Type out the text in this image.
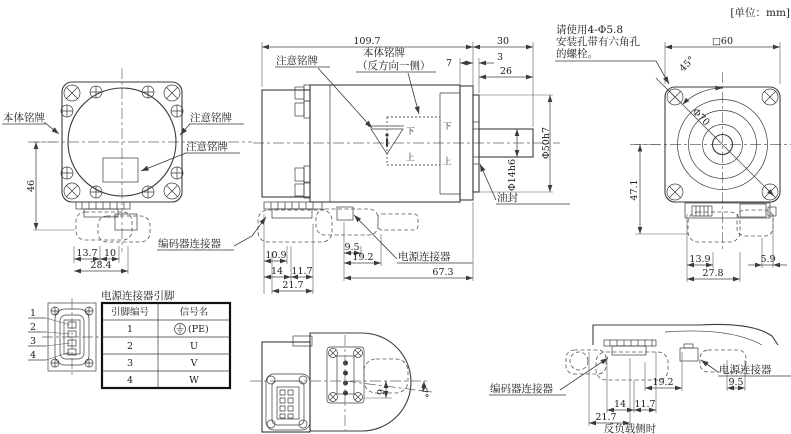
46
13.7 10
28.4
本体铭牌	注意铭牌
注意铭牌
下
上
下
上
注意铭牌
本体铭牌
（反方向一侧）
109.7	30
7
3
26
Φ50h7
Φ14h6
油封
10.9
14 11.7
21.7
9.5
19.2
67.3
电源连接器
编码器连接器
Φ70
45°
□60
47.1
13.9	5.9
27.8
请使用4-Φ5.8
安装孔带有六角孔
的螺栓。
[单位：mm]
9	7°	编码器连接器
电源连接器
19.2	9.5
14 11.7
21.7
反负载侧时
电源连接器引脚
引脚编号	信号名
1	(PE)
2	U
3	V
4	W
1
2
3
4
